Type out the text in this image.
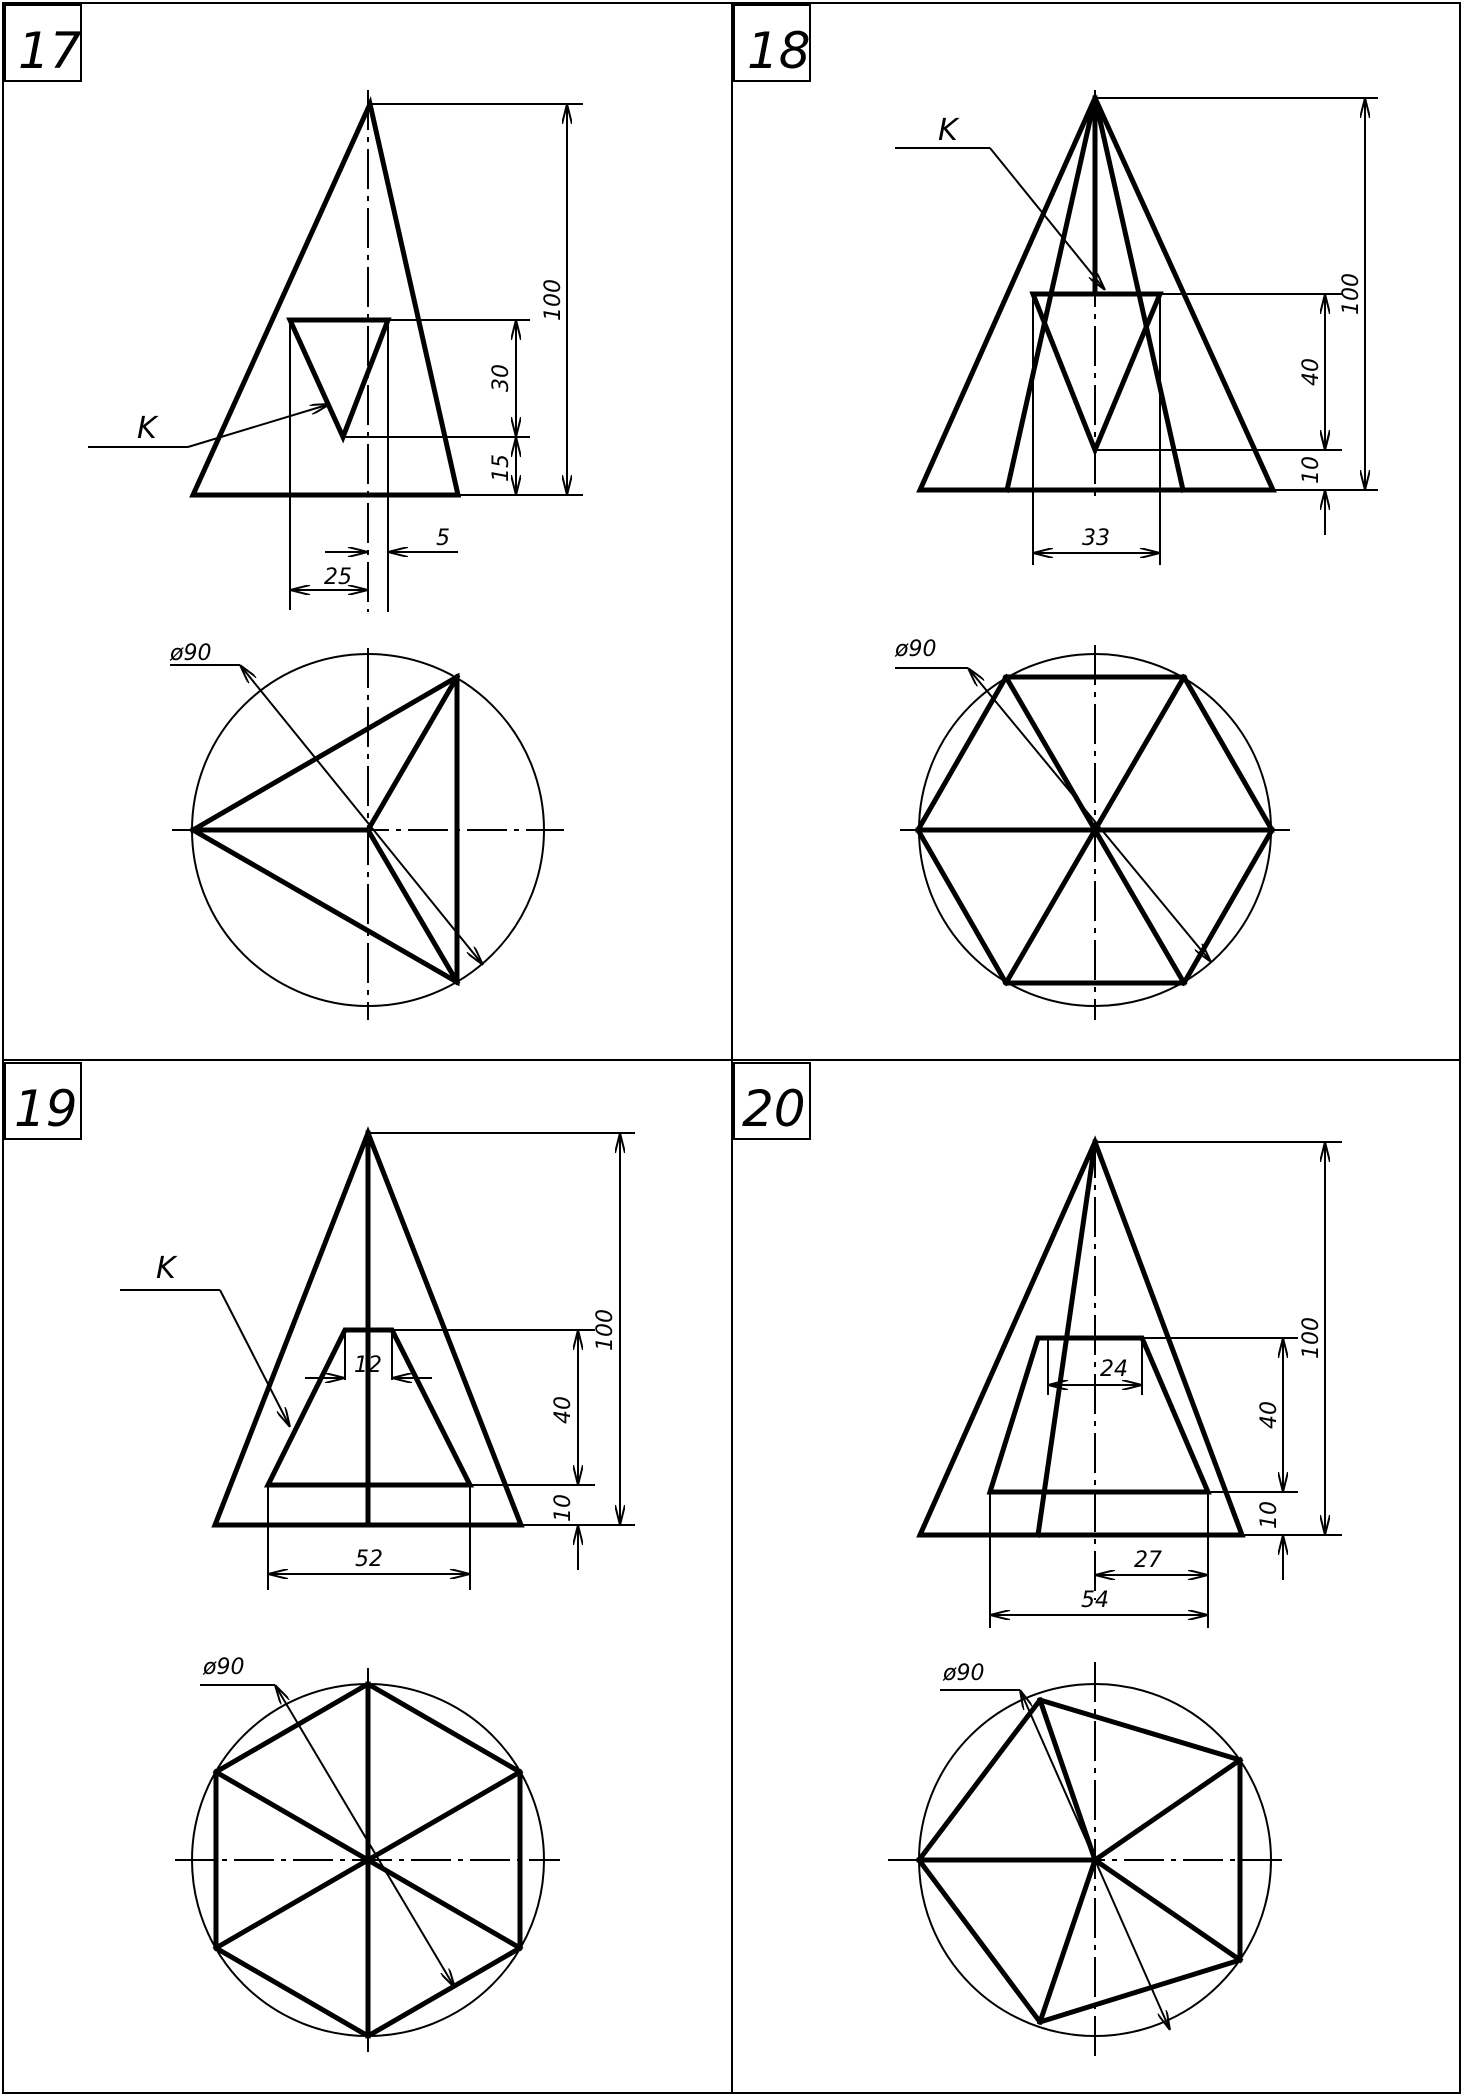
17
K
100
30
15
25
5
ø90
18
K
100
40
10
33
ø90
19
K
100
40
10
12
52
ø90
20
100
40
10
24
27
54
ø90
